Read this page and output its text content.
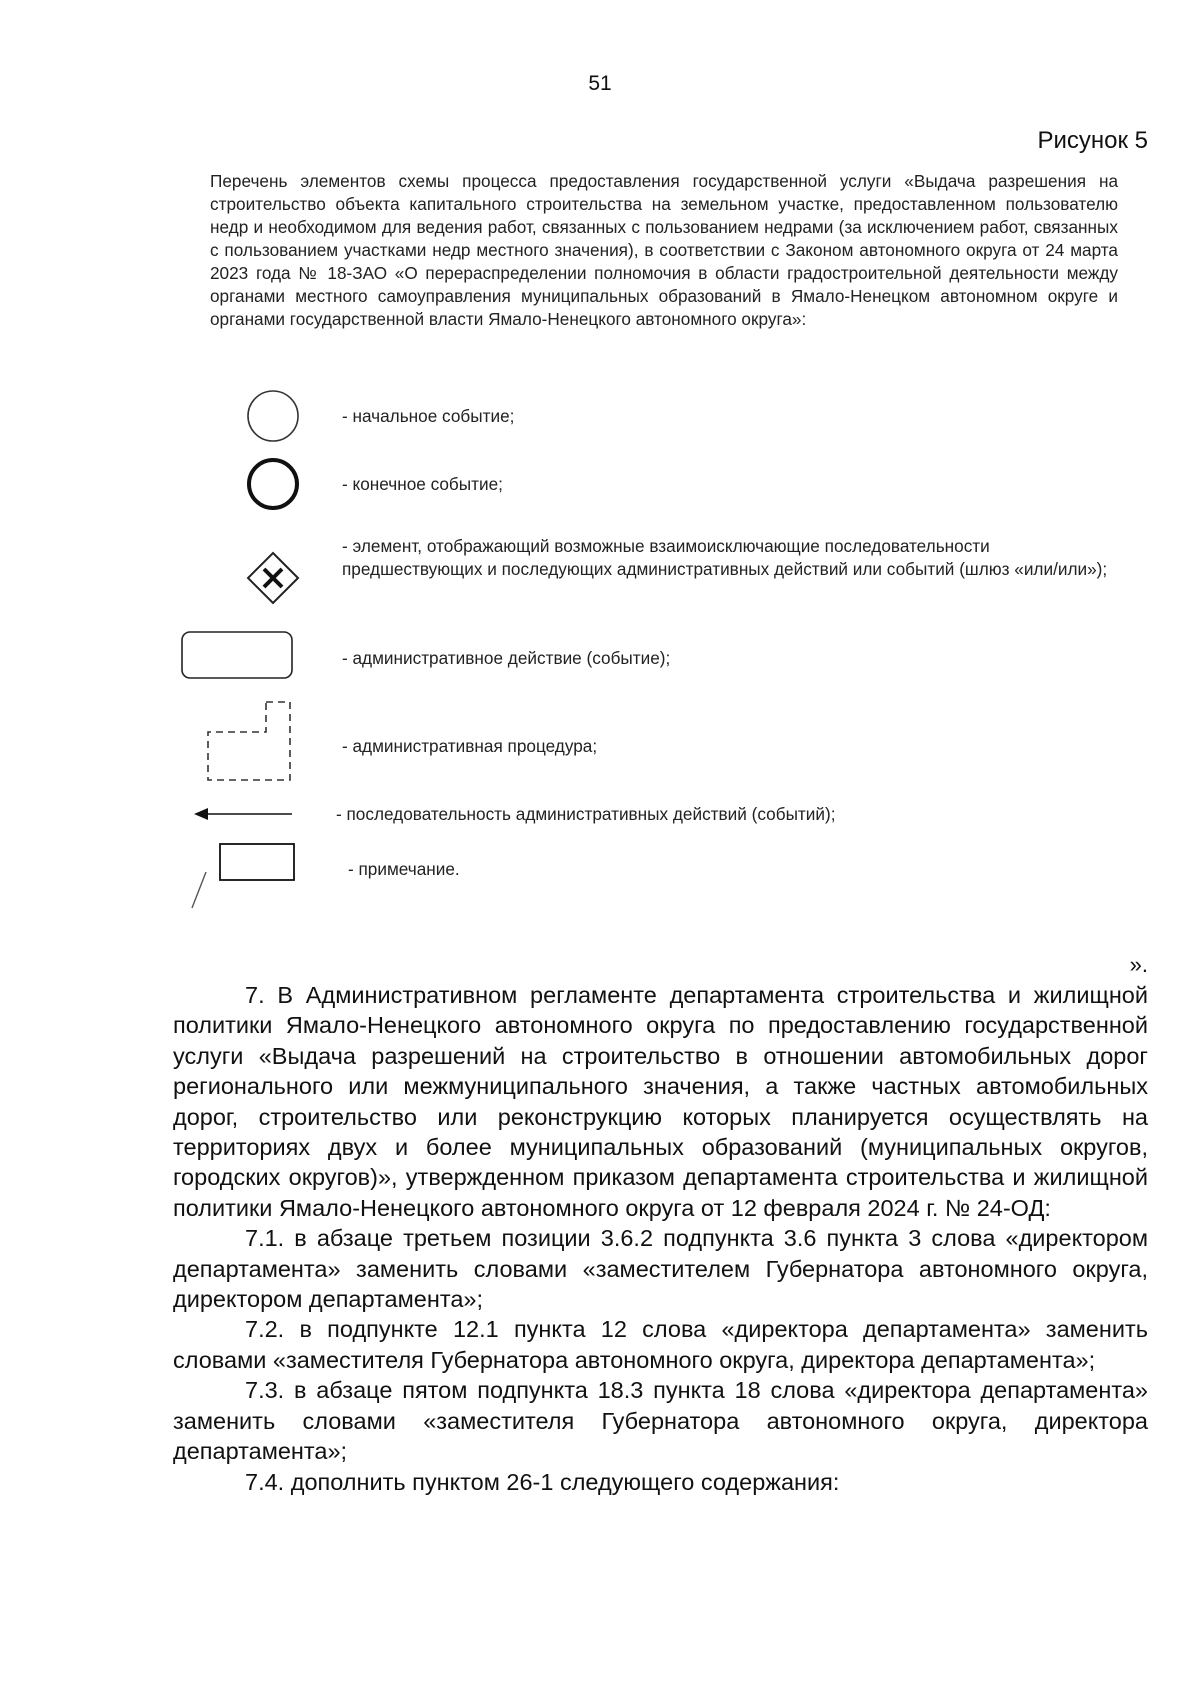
51
Рисунок 5
Перечень элементов схемы процесса предоставления государственной услуги «Выдача разрешения на строительство объекта капитального строительства на земельном участке, предоставленном пользователю недр и необходимом для ведения работ, связанных с пользованием недрами (за исключением работ, связанных с пользованием участками недр местного значения), в соответствии с Законом автономного округа от 24 марта 2023 года № 18-ЗАО «О перераспределении полномочия в области градостроительной деятельности между органами местного самоуправления муниципальных образований в Ямало-Ненецком автономном округе и органами государственной власти Ямало-Ненецкого автономного округа»:
- начальное событие;
- конечное событие;
- элемент, отображающий возможные взаимоисключающие последовательности предшествующих и последующих административных действий или событий (шлюз «или/или»);
- административное действие (событие);
- административная процедура;
- последовательность административных действий (событий);
- примечание.
».

7. В Административном регламенте департамента строительства и жилищной политики Ямало-Ненецкого автономного округа по предоставлению государственной услуги «Выдача разрешений на строительство в отношении автомобильных дорог регионального или межмуниципального значения, а также частных автомобильных дорог, строительство или реконструкцию которых планируется осуществлять на территориях двух и более муниципальных образований (муниципальных округов, городских округов)», утвержденном приказом департамента строительства и жилищной политики Ямало-Ненецкого автономного округа от 12 февраля 2024 г. № 24-ОД:

7.1. в абзаце третьем позиции 3.6.2 подпункта 3.6 пункта 3 слова «директором департамента» заменить словами «заместителем Губернатора автономного округа, директором департамента»;

7.2. в подпункте 12.1 пункта 12 слова «директора департамента» заменить словами «заместителя Губернатора автономного округа, директора департамента»;

7.3. в абзаце пятом подпункта 18.3 пункта 18 слова «директора департамента» заменить словами «заместителя Губернатора автономного округа, директора департамента»;

7.4. дополнить пунктом 26-1 следующего содержания:
